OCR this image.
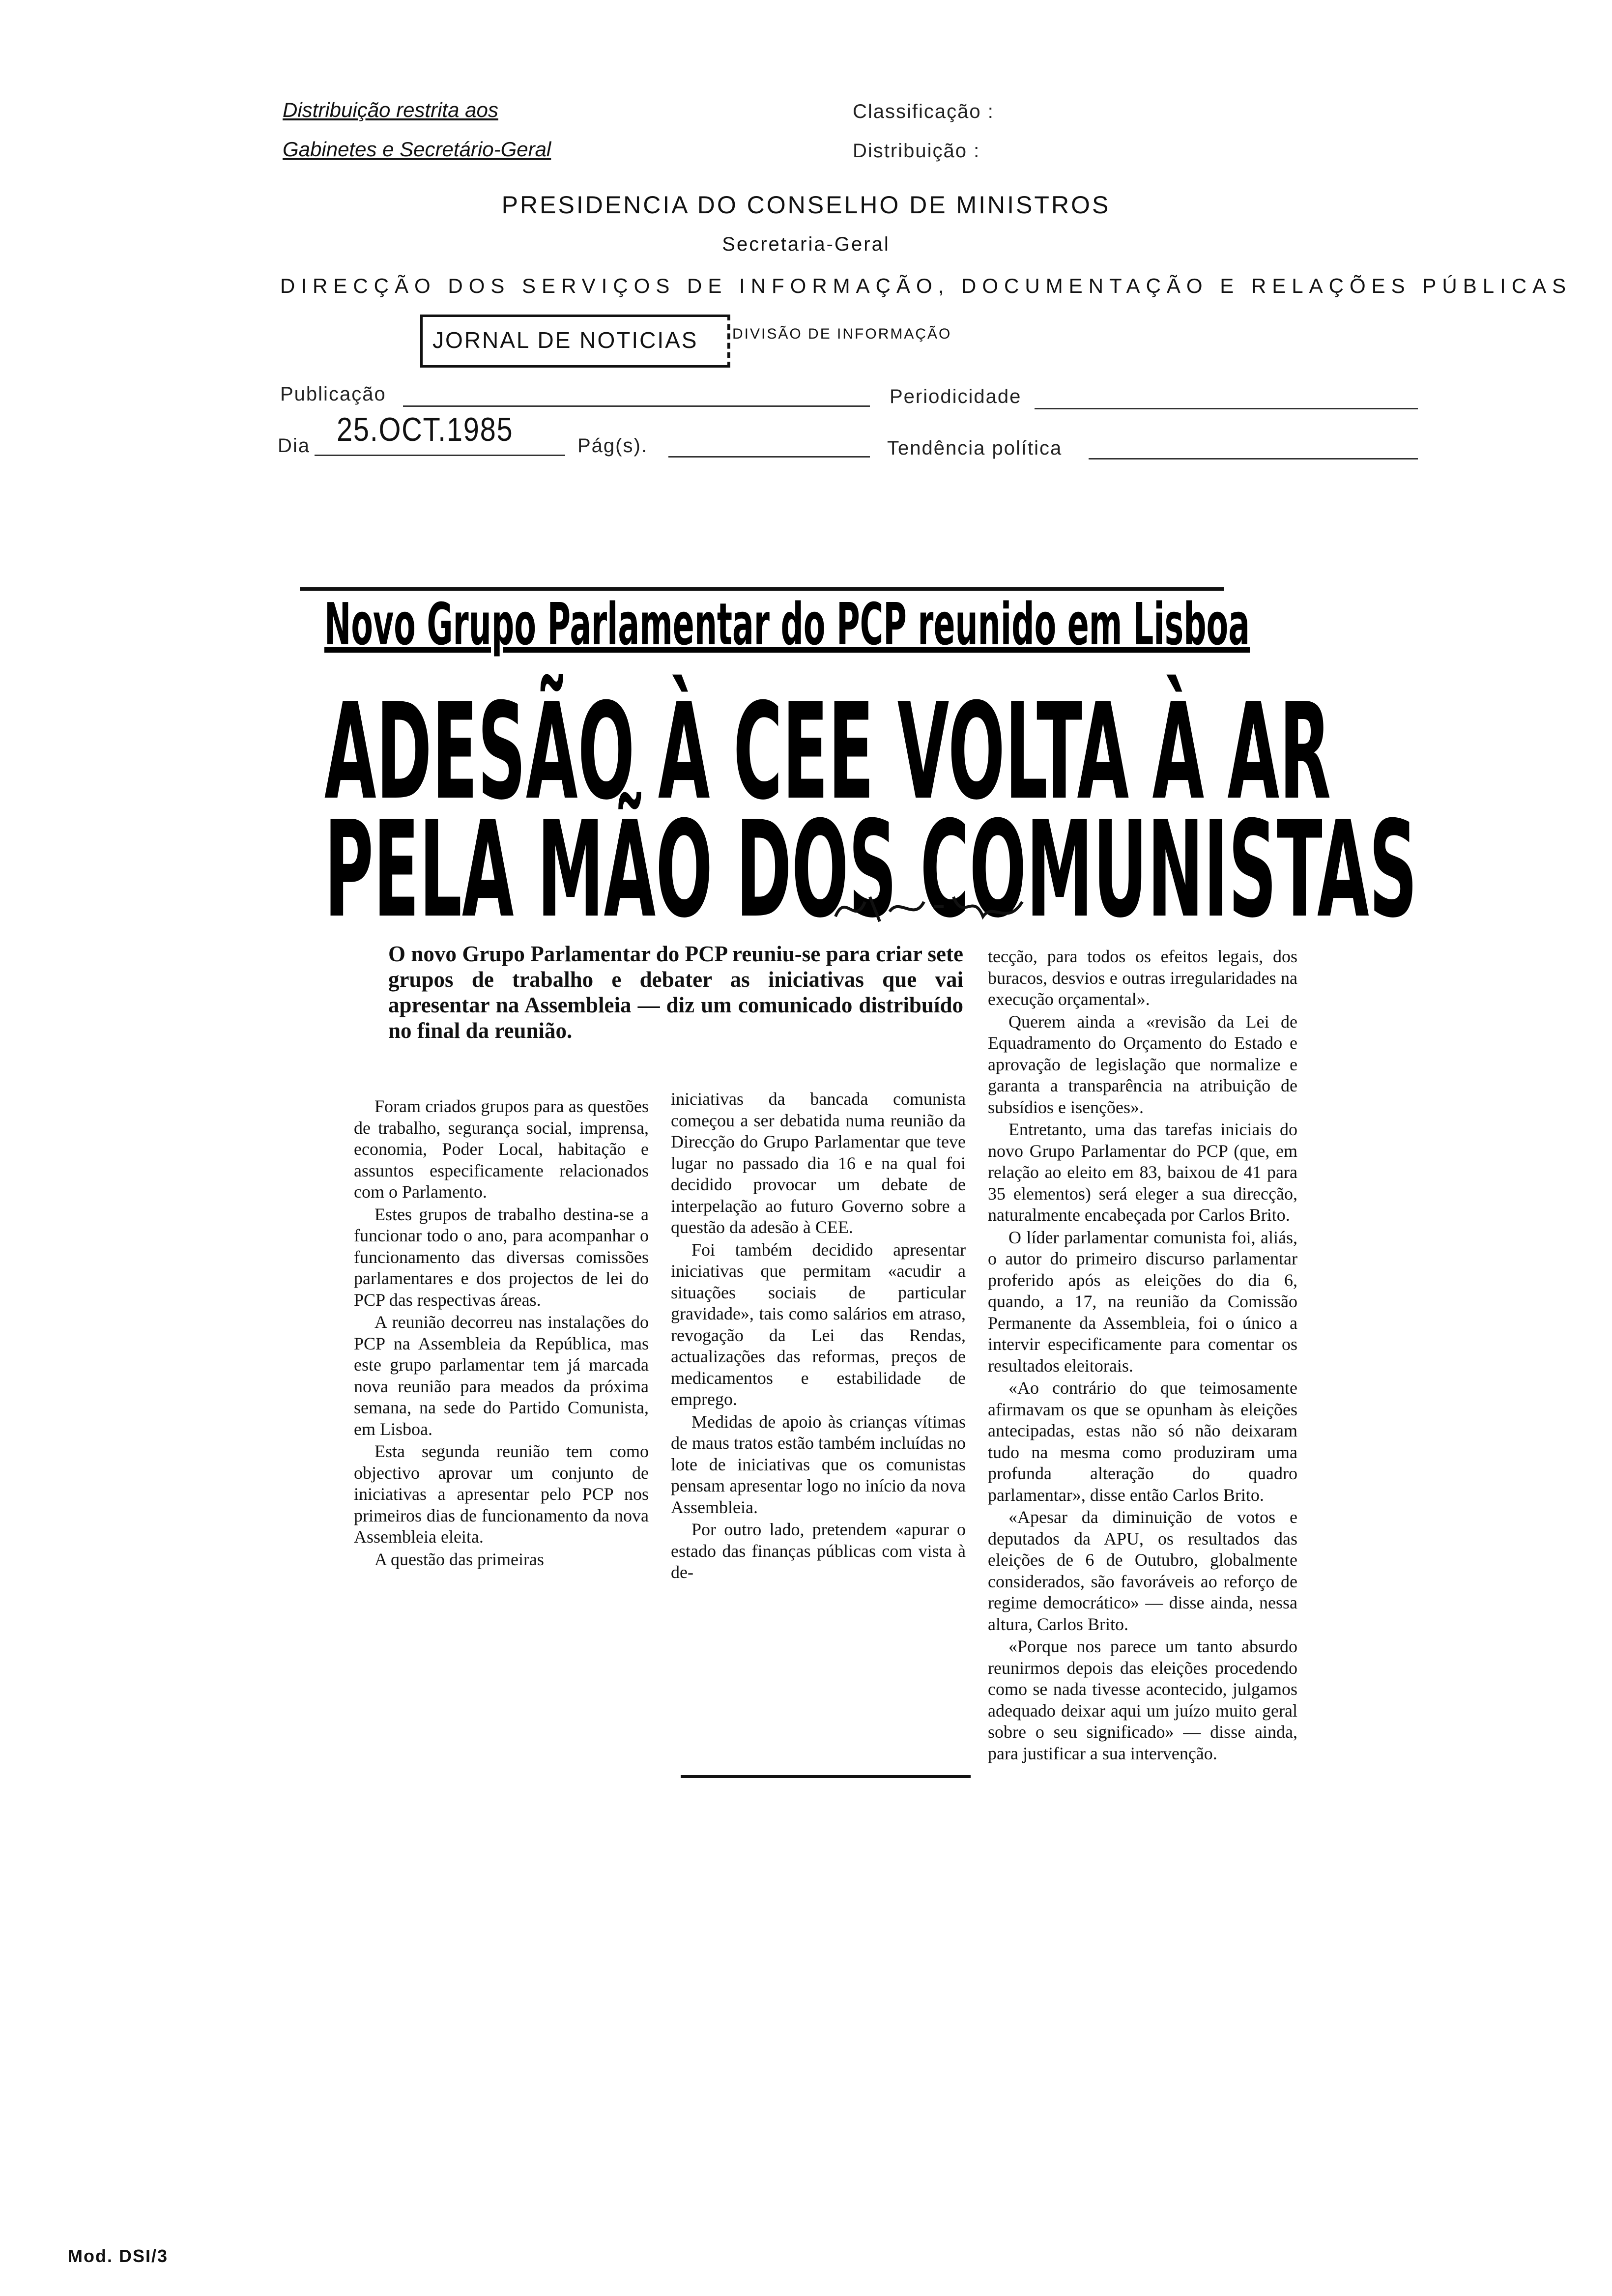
Distribuição restrita aos
Gabinetes e Secretário-Geral
Classificação :
Distribuição :
PRESIDENCIA DO CONSELHO DE MINISTROS
Secretaria-Geral
DIRECÇÃO DOS SERVIÇOS DE INFORMAÇÃO, DOCUMENTAÇÃO E RELAÇÕES PÚBLICAS
JORNAL DE NOTICIAS DIVISÃO DE INFORMAÇÃO
Publicação	Periodicidade
Dia 25.OCT.1985	Pág(s).	Tendência política
Novo Grupo Parlamentar do PCP reunido em Lisboa
ADESÃO À CEE VOLTA À AR
PELA MÃO DOS COMUNISTAS
O novo Grupo Parlamentar do PCP reuniu-se para criar sete grupos de trabalho e debater as iniciativas que vai apresentar na Assembleia — diz um comunicado distribuído no final da reunião.

Foram criados grupos para as questões de trabalho, segurança social, imprensa, economia, Poder Local, habitação e assuntos especificamente relacionados com o Parlamento.

Estes grupos de trabalho destina-se a funcionar todo o ano, para acompanhar o funcionamento das diversas comissões parlamentares e dos projectos de lei do PCP das respectivas áreas.

A reunião decorreu nas instalações do PCP na Assembleia da República, mas este grupo parlamentar tem já marcada nova reunião para meados da próxima semana, na sede do Partido Comunista, em Lisboa.

Esta segunda reunião tem como objectivo aprovar um conjunto de iniciativas a apresentar pelo PCP nos primeiros dias de funcionamento da nova Assembleia eleita.

A questão das primeiras

iniciativas da bancada comunista começou a ser debatida numa reunião da Direcção do Grupo Parlamentar que teve lugar no passado dia 16 e na qual foi decidido provocar um debate de interpelação ao futuro Governo sobre a questão da adesão à CEE.

Foi também decidido apresentar iniciativas que permitam «acudir a situações sociais de particular gravidade», tais como salários em atraso, revogação da Lei das Rendas, actualizações das reformas, preços de medicamentos e estabilidade de emprego.

Medidas de apoio às crianças vítimas de maus tratos estão também incluídas no lote de iniciativas que os comunistas pensam apresentar logo no início da nova Assembleia.

Por outro lado, pretendem «apurar o estado das finanças públicas com vista à de-

tecção, para todos os efeitos legais, dos buracos, desvios e outras irregularidades na execução orçamental».

Querem ainda a «revisão da Lei de Equadramento do Orçamento do Estado e aprovação de legislação que normalize e garanta a transparência na atribuição de subsídios e isenções».

Entretanto, uma das tarefas iniciais do novo Grupo Parlamentar do PCP (que, em relação ao eleito em 83, baixou de 41 para 35 elementos) será eleger a sua direcção, naturalmente encabeçada por Carlos Brito.

O líder parlamentar comunista foi, aliás, o autor do primeiro discurso parlamentar proferido após as eleições do dia 6, quando, a 17, na reunião da Comissão Permanente da Assembleia, foi o único a intervir especificamente para comentar os resultados eleitorais.

«Ao contrário do que teimosamente afirmavam os que se opunham às eleições antecipadas, estas não só não deixaram tudo na mesma como produziram uma profunda alteração do quadro parlamentar», disse então Carlos Brito.

«Apesar da diminuição de votos e deputados da APU, os resultados das eleições de 6 de Outubro, globalmente considerados, são favoráveis ao reforço de regime democrático» — disse ainda, nessa altura, Carlos Brito.

«Porque nos parece um tanto absurdo reunirmos depois das eleições procedendo como se nada tivesse acontecido, julgamos adequado deixar aqui um juízo muito geral sobre o seu significado» — disse ainda, para justificar a sua intervenção.

Mod. DSI/3
